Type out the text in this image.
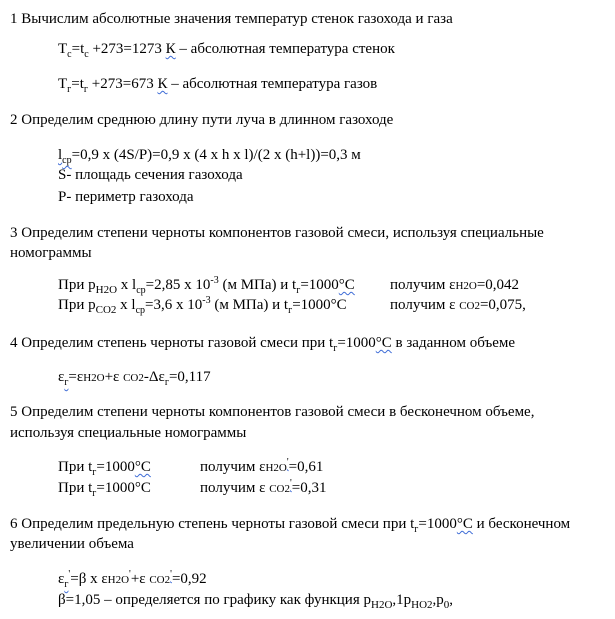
1 Вычислим абсолютные значения температур стенок газохода и газа
$T_с=t_с +273=1273$ К – абсолютная температура стенок
$T_г=t_г +273=673$ К – абсолютная температура газов
2 Определим среднюю длину пути луча в длинном газоходе
$l_{ср}=0,9$ х (4S/P)=0,9 х (4 х h х l)/(2 х (h+l))=0,3 м
S- площадь сечения газохода
P- периметр газохода
3 Определим степени черноты компонентов газовой смеси, используя специальные
номограммы
При $p_{H2O}$ х $l_{ср}=2,85$ х $10^{-3}$ (м МПа) и $t_г=1000^\circ C$ получим εH2O=0,042
При $p_{CO2}$ х $l_{ср}=3,6$ х $10^{-3}$ (м МПа) и $t_г=1000^\circ C$	получим ε CO2=0,075,
4 Определим степень черноты газовой смеси при $t_г=1000^\circ C$ в заданном объеме
$\varepsilon_г=\varepsilon H2O+\varepsilon$ $CO2-\Delta\varepsilon_г=0,117$
5 Определим степени черноты компонентов газовой смеси в бесконечном объеме,
используя специальные номограммы
При $t_г=1000^\circ C$	получим εH2O'=0,61
При $t_г=1000^\circ C$	получим ε CO2'=0,31
6 Определим предельную степень черноты газовой смеси при $t_г=1000^\circ C$ и бесконечном
увеличении объема
$\varepsilon_г'=\beta$ х εH2O'+ε CO2'=0,92
β=1,05 – определяется по графику как функция $p_{H2O},1p_{HO2},p_0$,
